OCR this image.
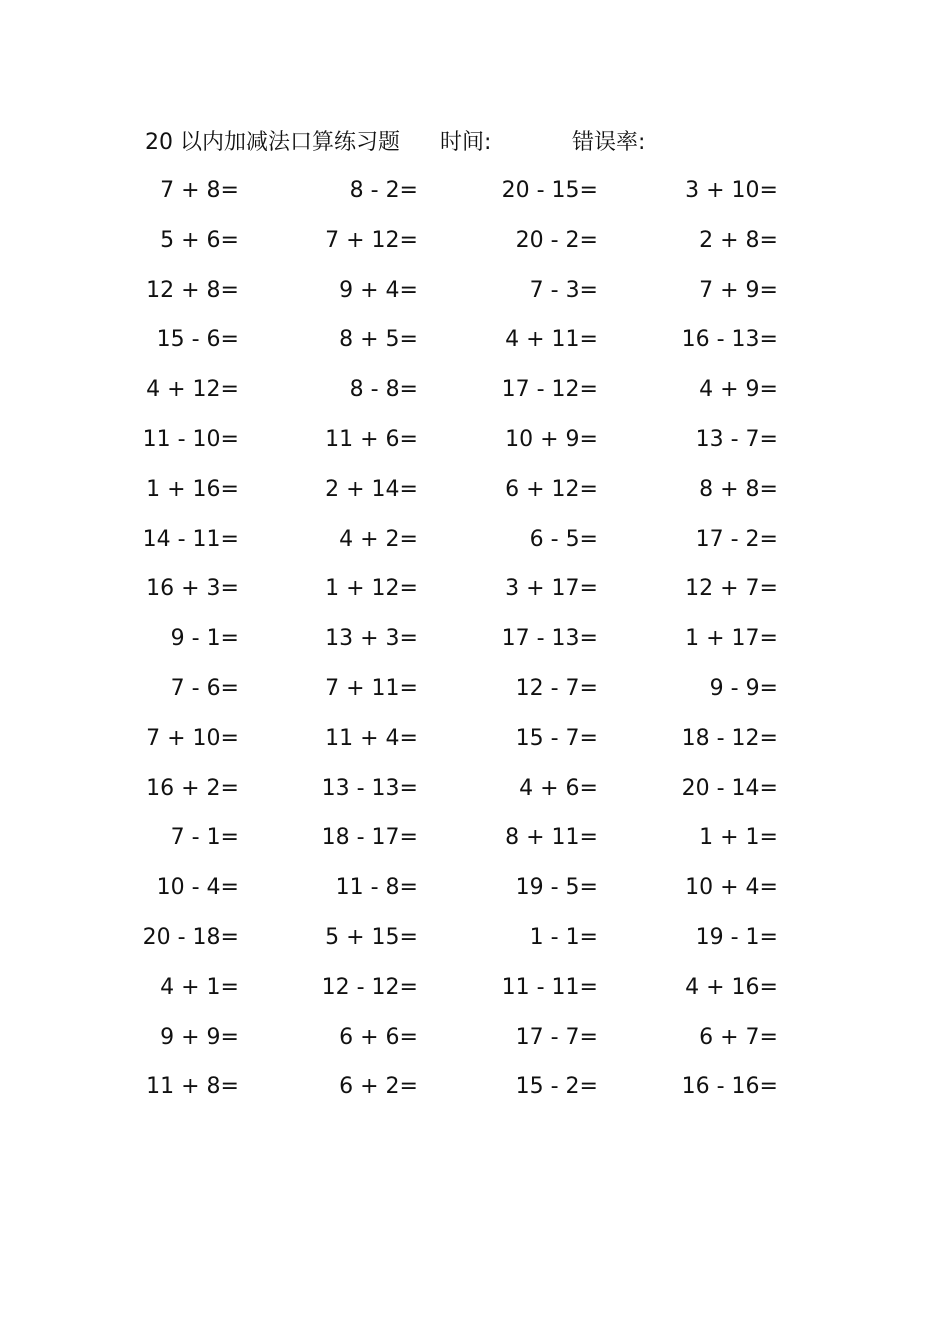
20 以内加减法口算练习题 时间:	错误率:
7 + 8=	8 - 2=	20 - 15=	3 + 10=
5 + 6=	7 + 12=	20 - 2=	2 + 8=
12 + 8=	9 + 4=	7 - 3=	7 + 9=
15 - 6=	8 + 5=	4 + 11=	16 - 13=
4 + 12=	8 - 8=	17 - 12=	4 + 9=
11 - 10=	11 + 6=	10 + 9=	13 - 7=
1 + 16=	2 + 14=	6 + 12=	8 + 8=
14 - 11=	4 + 2=	6 - 5=	17 - 2=
16 + 3=	1 + 12=	3 + 17=	12 + 7=
9 - 1=	13 + 3=	17 - 13=	1 + 17=
7 - 6=	7 + 11=	12 - 7=	9 - 9=
7 + 10=	11 + 4=	15 - 7=	18 - 12=
16 + 2=	13 - 13=	4 + 6=	20 - 14=
7 - 1=	18 - 17=	8 + 11=	1 + 1=
10 - 4=	11 - 8=	19 - 5=	10 + 4=
20 - 18=	5 + 15=	1 - 1=	19 - 1=
4 + 1=	12 - 12=	11 - 11=	4 + 16=
9 + 9=	6 + 6=	17 - 7=	6 + 7=
11 + 8=	6 + 2=	15 - 2=	16 - 16=
